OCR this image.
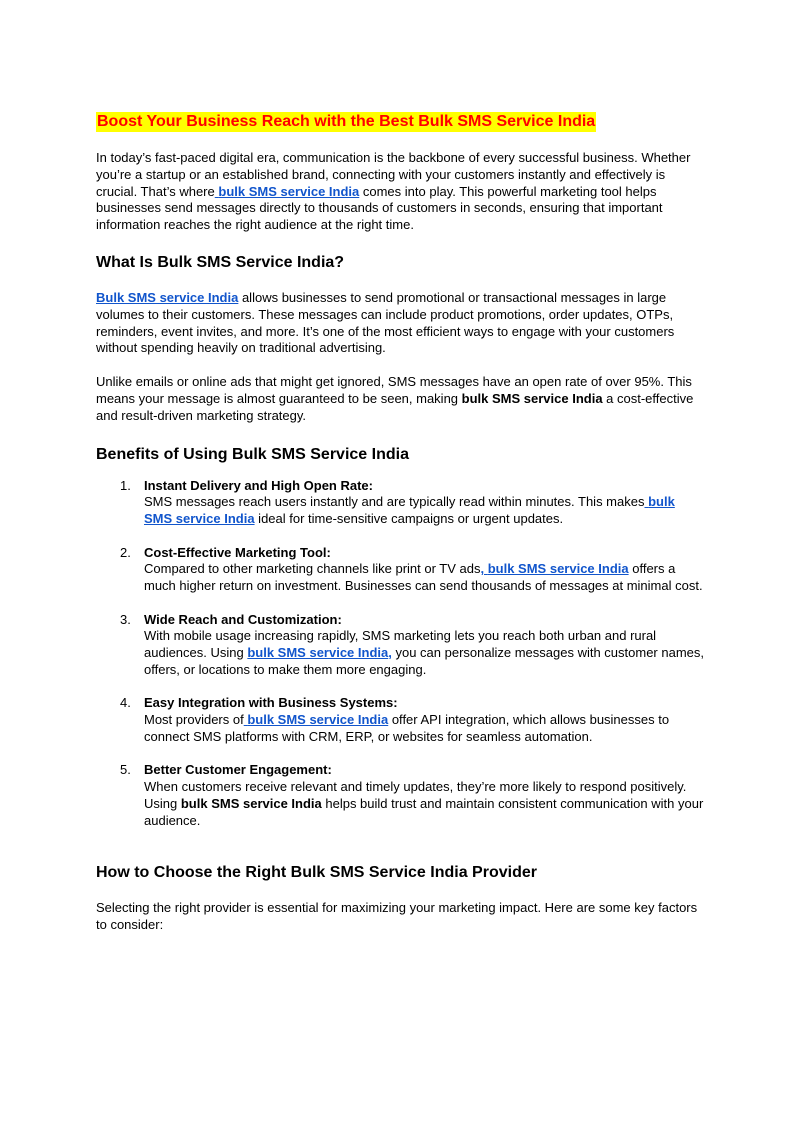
Boost Your Business Reach with the Best Bulk SMS Service India

In today’s fast-paced digital era, communication is the backbone of every successful business. Whether you’re a startup or an established brand, connecting with your customers instantly and effectively is crucial. That’s where bulk SMS service India comes into play. This powerful marketing tool helps businesses send messages directly to thousands of customers in seconds, ensuring that important information reaches the right audience at the right time.

What Is Bulk SMS Service India?

Bulk SMS service India allows businesses to send promotional or transactional messages in large volumes to their customers. These messages can include product promotions, order updates, OTPs, reminders, event invites, and more. It’s one of the most efficient ways to engage with your customers without spending heavily on traditional advertising.

Unlike emails or online ads that might get ignored, SMS messages have an open rate of over 95%. This means your message is almost guaranteed to be seen, making bulk SMS service India a cost-effective and result-driven marketing strategy.

Benefits of Using Bulk SMS Service India
1. Instant Delivery and High Open Rate:
SMS messages reach users instantly and are typically read within minutes. This makes bulk SMS service India ideal for time-sensitive campaigns or urgent updates.
2. Cost-Effective Marketing Tool:
Compared to other marketing channels like print or TV ads, bulk SMS service India offers a much higher return on investment. Businesses can send thousands of messages at minimal cost.
3. Wide Reach and Customization:
With mobile usage increasing rapidly, SMS marketing lets you reach both urban and rural audiences. Using bulk SMS service India, you can personalize messages with customer names, offers, or locations to make them more engaging.
4. Easy Integration with Business Systems:
Most providers of bulk SMS service India offer API integration, which allows businesses to connect SMS platforms with CRM, ERP, or websites for seamless automation.
5. Better Customer Engagement:
When customers receive relevant and timely updates, they’re more likely to respond positively. Using bulk SMS service India helps build trust and maintain consistent communication with your audience.
How to Choose the Right Bulk SMS Service India Provider

Selecting the right provider is essential for maximizing your marketing impact. Here are some key factors to consider:
